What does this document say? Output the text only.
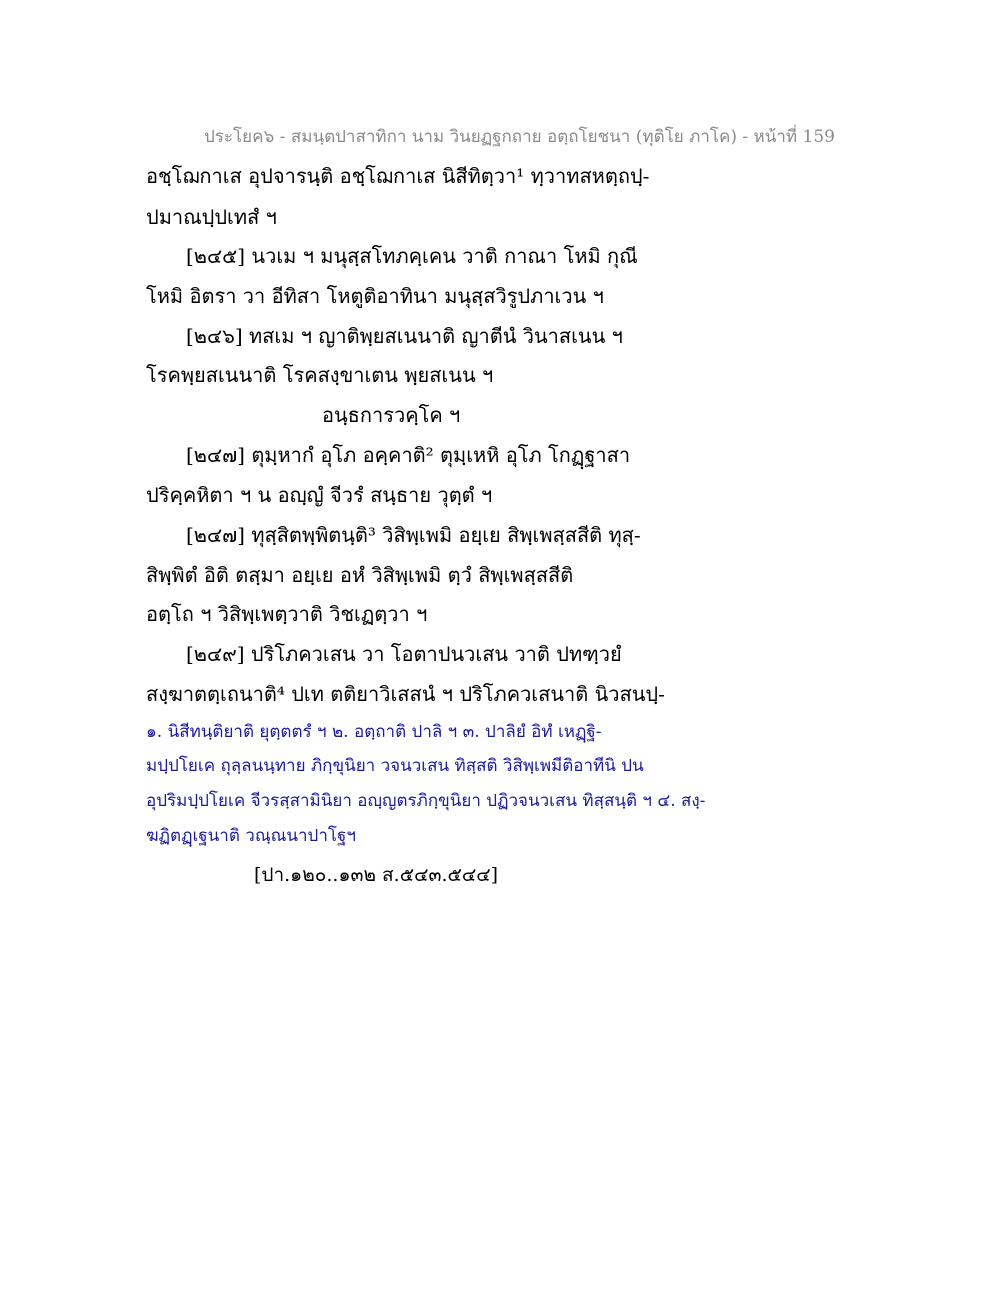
ประโยค๖ - สมนฺตปาสาทิกา นาม วินยฏฐกถาย อตฺถโยชนา (ทุติโย ภาโค) - หน้าที่ 159
อชฺโฌกาเส อุปจารนฺติ อชฺโฌกาเส นิสีทิตฺวา¹ ทฺวาทสหตฺถปฺ-
ปมาณปฺปเทสํ ฯ
[๒๔๕] นวเม ฯ มนุสฺสโทภคฺเคน วาติ กาณา โหมิ กุณี
โหมิ อิตรา วา อีทิสา โหตูติอาทินา มนุสฺสวิรูปภาเวน ฯ
[๒๔๖] ทสเม ฯ ญาติพฺยสเนนาติ ญาตีนํ วินาสเนน ฯ
โรคพฺยสเนนาติ โรคสงฺขาเตน พฺยสเนน ฯ
อนฺธการวคฺโค ฯ
[๒๔๗] ตุมฺหากํ อุโภ อคฺคาติ² ตุมฺเหหิ อุโภ โกฏฺฐาสา
ปริคฺคหิตา ฯ น อญฺญํ จีวรํ สนฺธาย วุตฺตํ ฯ
[๒๔๗] ทุสฺสิตพฺพิตนฺติ³ วิสิพฺเพมิ อยฺเย สิพฺเพสฺสสีติ ทุสฺ-
สิพฺพิตํ อิติ ตสฺมา อยฺเย อหํ วิสิพฺเพมิ ตฺวํ สิพฺเพสฺสสีติ
อตฺโถ ฯ วิสิพฺเพตฺวาติ วิชเฏตฺวา ฯ
[๒๔๙] ปริโภควเสน วา โอตาปนวเสน วาติ ปทฑฺวยํ
สงฺฆาตตฺเถนาติ⁴ ปเท ตติยาวิเสสนํ ฯ ปริโภควเสนาติ นิวสนปฺ-
๑. นิสีทนฺติยาติ ยุตฺตตรํ ฯ ๒. อตฺถาติ ปาลิ ฯ ๓. ปาลิยํ อิทํ เหฏฺฐิ-
มปฺปโยเค ถุลฺลนนฺทาย ภิกฺขุนิยา วจนวเสน ทิสฺสติ วิสิพฺเพมีติอาทีนิ ปน
อุปริมปฺปโยเค จีวรสฺสามินิยา อญฺญตรภิกฺขุนิยา ปฏิวจนวเสน ทิสฺสนฺติ ฯ ๔. สงฺ-
ฆฏิตฏฺเฐนาติ วณฺณนาปาโฐฯ
[ปา.๑๒๐..๑๓๒ ส.๕๔๓.๕๔๔]
